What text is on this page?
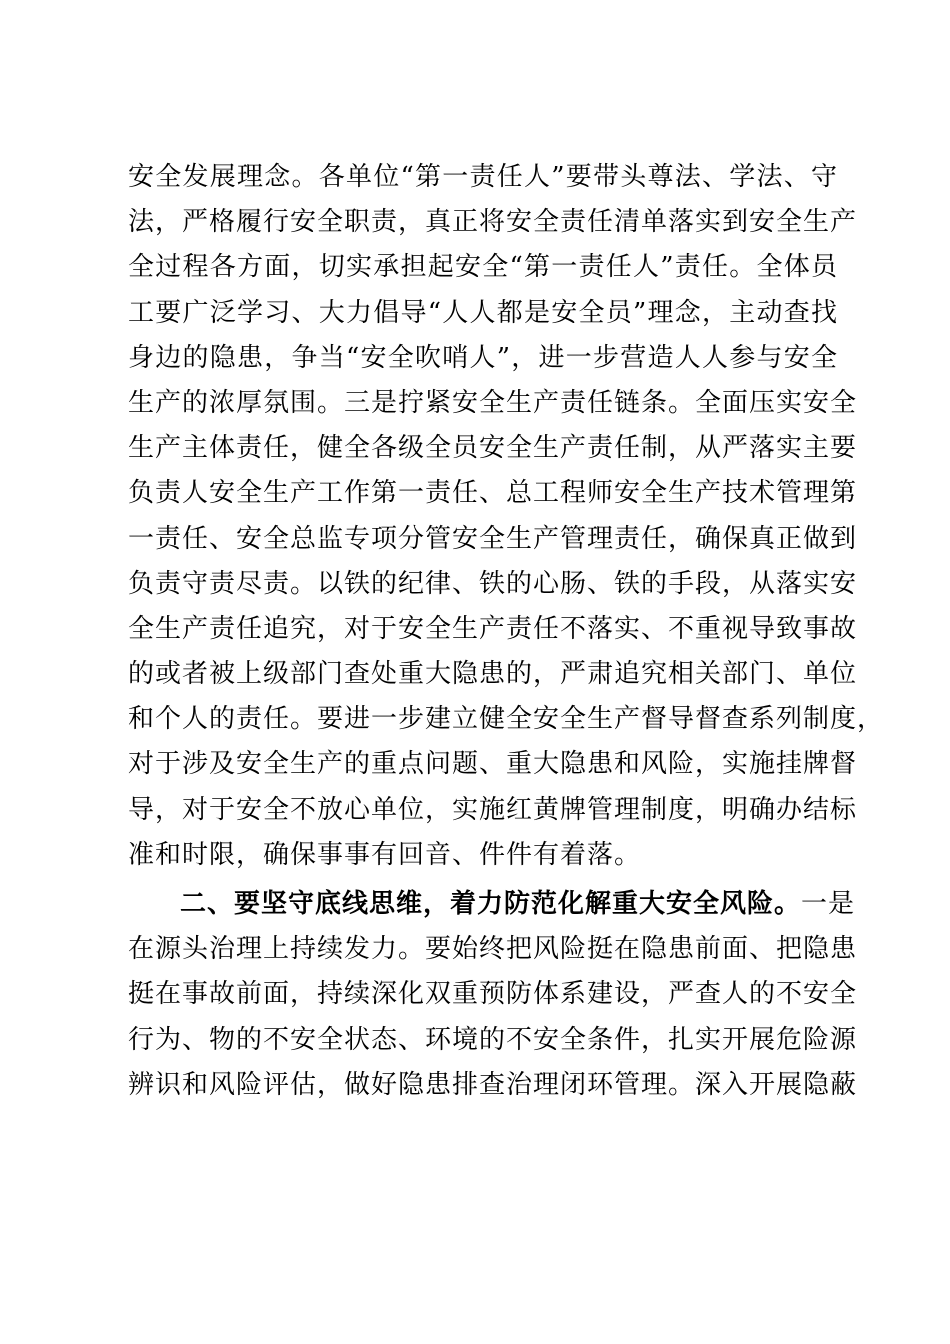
安全发展理念。各单位“第一责任人”要带头尊法、学法、守
法，严格履行安全职责，真正将安全责任清单落实到安全生产
全过程各方面，切实承担起安全“第一责任人”责任。全体员
工要广泛学习、大力倡导“人人都是安全员”理念，主动查找
身边的隐患，争当“安全吹哨人”，进一步营造人人参与安全
生产的浓厚氛围。三是拧紧安全生产责任链条。全面压实安全
生产主体责任，健全各级全员安全生产责任制，从严落实主要
负责人安全生产工作第一责任、总工程师安全生产技术管理第
一责任、安全总监专项分管安全生产管理责任，确保真正做到
负责守责尽责。以铁的纪律、铁的心肠、铁的手段，从落实安
全生产责任追究，对于安全生产责任不落实、不重视导致事故
的或者被上级部门查处重大隐患的，严肃追究相关部门、单位
和个人的责任。要进一步建立健全安全生产督导督查系列制度，
对于涉及安全生产的重点问题、重大隐患和风险，实施挂牌督
导，对于安全不放心单位，实施红黄牌管理制度，明确办结标
准和时限，确保事事有回音、件件有着落。
二、要坚守底线思维，着力防范化解重大安全风险。一是
在源头治理上持续发力。要始终把风险挺在隐患前面、把隐患
挺在事故前面，持续深化双重预防体系建设，严查人的不安全
行为、物的不安全状态、环境的不安全条件，扎实开展危险源
辨识和风险评估，做好隐患排查治理闭环管理。深入开展隐蔽
